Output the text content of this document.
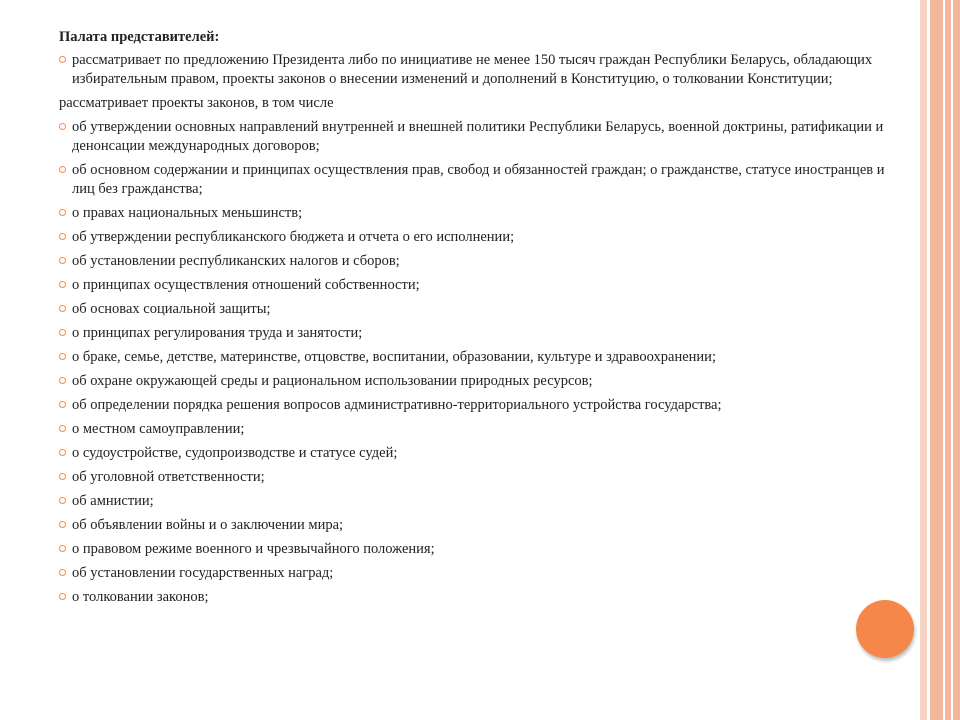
Палата представителей:
рассматривает по предложению Президента либо по инициативе не менее 150 тысяч граждан Республики Беларусь, обладающих избирательным правом, проекты законов о внесении изменений и дополнений в Конституцию, о толковании Конституции;
рассматривает проекты законов, в том числе
об утверждении основных направлений внутренней и внешней политики Республики Беларусь, военной доктрины, ратификации и денонсации международных договоров;
об основном содержании и принципах осуществления прав, свобод и обязанностей граждан; о гражданстве, статусе иностранцев и лиц без гражданства;
о правах национальных меньшинств;
об утверждении республиканского бюджета и отчета о его исполнении;
об установлении республиканских налогов и сборов;
о принципах осуществления отношений собственности;
об основах социальной защиты;
о принципах регулирования труда и занятости;
о браке, семье, детстве, материнстве, отцовстве, воспитании, образовании, культуре и здравоохранении;
об охране окружающей среды и рациональном использовании природных ресурсов;
об определении порядка решения вопросов административно-территориального устройства государства;
о местном самоуправлении;
о судоустройстве, судопроизводстве и статусе судей;
об уголовной ответственности;
об амнистии;
об объявлении войны и о заключении мира;
о правовом режиме военного и чрезвычайного положения;
об установлении государственных наград;
о толковании законов;
